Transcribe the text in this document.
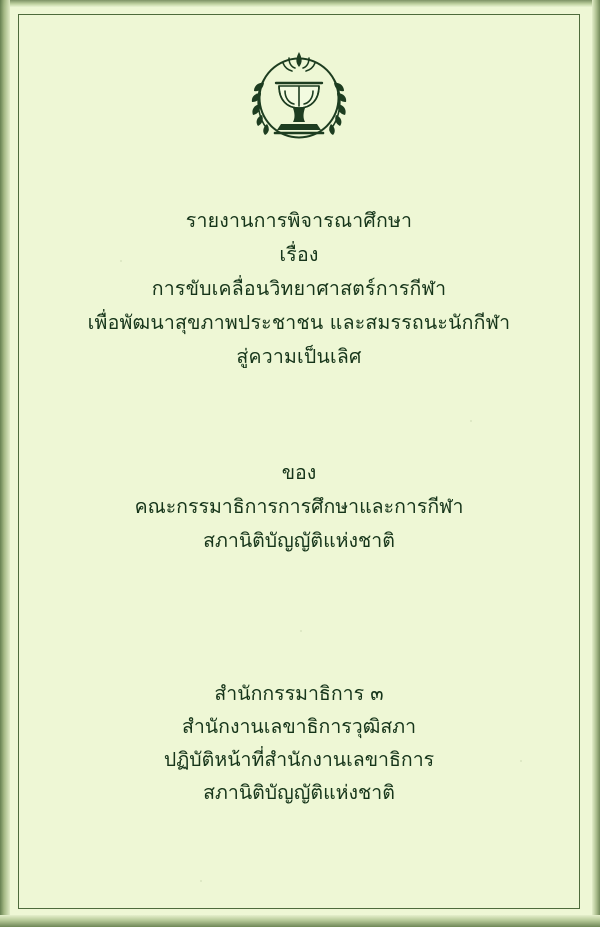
รายงานการพิจารณาศึกษา
เรื่อง
การขับเคลื่อนวิทยาศาสตร์การกีฬา
เพื่อพัฒนาสุขภาพประชาชน และสมรรถนะนักกีฬา
สู่ความเป็นเลิศ
ของ
คณะกรรมาธิการการศึกษาและการกีฬา
สภานิติบัญญัติแห่งชาติ
สำนักกรรมาธิการ ๓
สำนักงานเลขาธิการวุฒิสภา
ปฏิบัติหน้าที่สำนักงานเลขาธิการ
สภานิติบัญญัติแห่งชาติ
